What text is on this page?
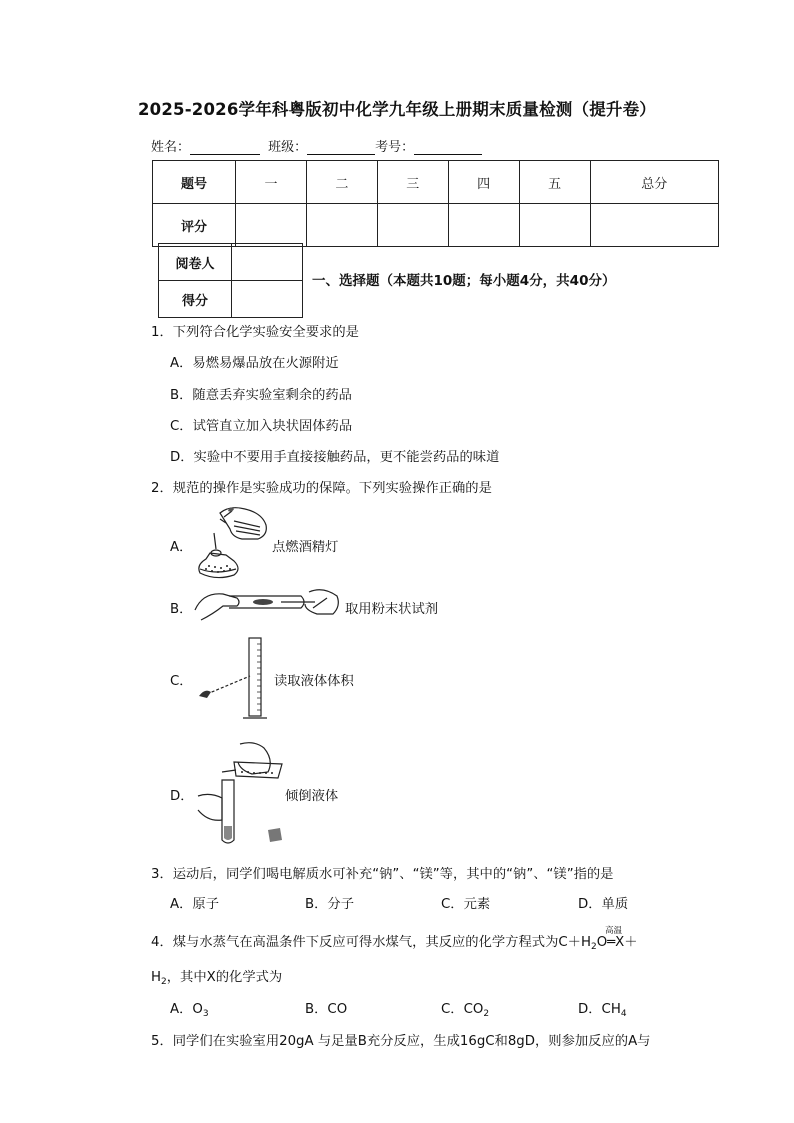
2025-2026学年科粤版初中化学九年级上册期末质量检测（提升卷）
姓名：	班级：	考号：
题号	一	二	三	四	五	总分
评分						
阅卷人	
得分	
一、选择题（本题共10题；每小题4分，共40分）
1．下列符合化学实验安全要求的是
A．易燃易爆品放在火源附近
B．随意丢弃实验室剩余的药品
C．试管直立加入块状固体药品
D．实验中不要用手直接接触药品，更不能尝药品的味道
2．规范的操作是实验成功的保障。下列实验操作正确的是
A．	点燃酒精灯
B．	取用粉末状试剂
C．	读取液体体积
D．	倾倒液体
3．运动后，同学们喝电解质水可补充“钠”、“镁”等，其中的“钠”、“镁”指的是
A．原子	B．分子	C．元素	D．单质
4．煤与水蒸气在高温条件下反应可得水煤气，其反应的化学方程式为$C+H_2O$
高温
═X＋
$H_2$，其中X的化学式为
A．$O_3$	B．CO	C．$CO_2$	D．$CH_4$
5．同学们在实验室用20gA 与足量B充分反应，生成16gC和8gD，则参加反应的A与
